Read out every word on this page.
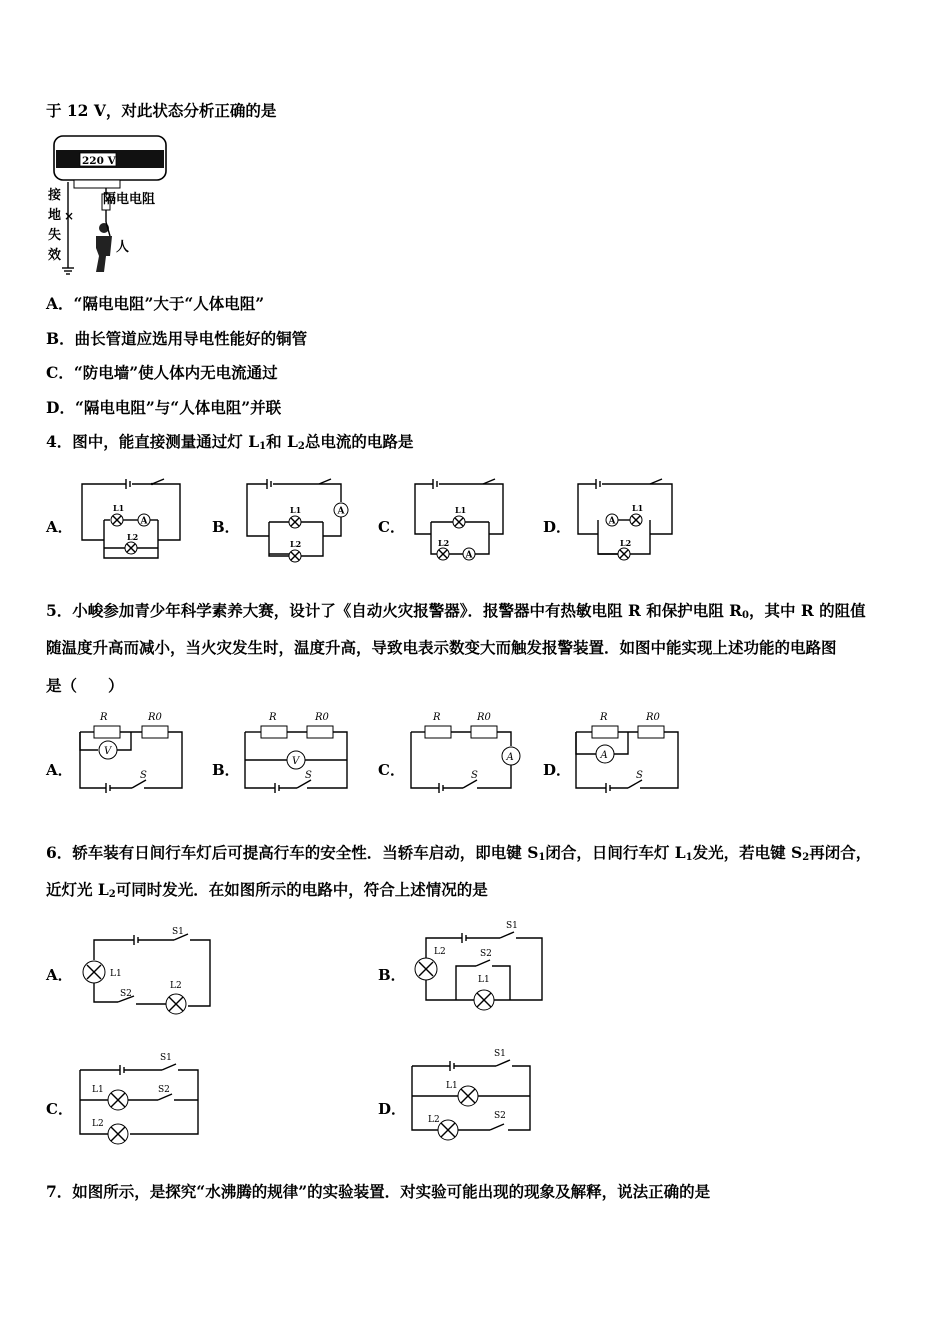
于 12 V，对此状态分析正确的是
220 V
×
隔电电阻
人
接
地
失
效
A．“隔电电阻”大于“人体电阻”
B．曲长管道应选用导电性能好的铜管
C．“防电墙”使人体内无电流通过
D．“隔电电阻”与“人体电阻”并联
4．图中，能直接测量通过灯 $L_1$和 $L_2$总电流的电路是
A．	B．	C．	D．
A
L1
L2
A
L1
L2
A
L1
L2
A
L1
L2
5．小峻参加青少年科学素养大赛，设计了《自动火灾报警器》．报警器中有热敏电阻 R 和保护电阻 $R_0$，其中 R 的阻值
随温度升高而减小，当火灾发生时，温度升高，导致电表示数变大而触发报警装置．如图中能实现上述功能的电路图
是（　　）
A．	B．	C．	D．
R	R0
V
S
R	R0
V
S
R	R0
A
S
R	R0
A
S
6．轿车装有日间行车灯后可提高行车的安全性．当轿车启动，即电键 $S_1$闭合，日间行车灯 $L_1$发光，若电键 $S_2$再闭合，
近灯光 $L_2$可同时发光．在如图所示的电路中，符合上述情况的是
A．	B．
C．	D．
S1
L1
S2
L2
S1
L2	S2
L1
S1
L1	S2
L2
S1
L1
L2	S2
7．如图所示，是探究“水沸腾的规律”的实验装置．对实验可能出现的现象及解释，说法正确的是
